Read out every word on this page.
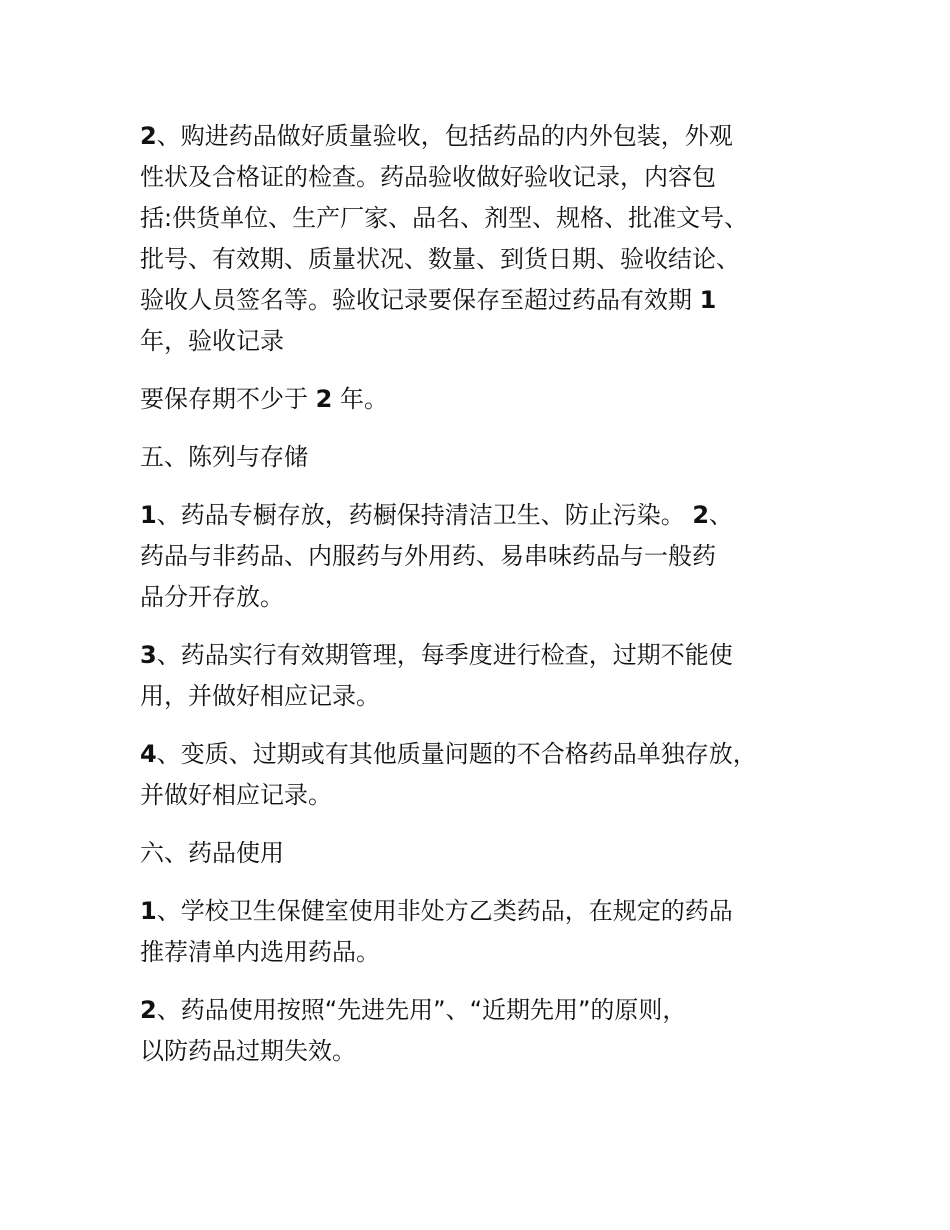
2、购进药品做好质量验收，包括药品的内外包装，外观

性状及合格证的检查。药品验收做好验收记录，内容包

括:供货单位、生产厂家、品名、剂型、规格、批准文号、

批号、有效期、质量状况、数量、到货日期、验收结论、

验收人员签名等。验收记录要保存至超过药品有效期 1

年，验收记录

要保存期不少于 2 年。

五、陈列与存储

1、药品专橱存放，药橱保持清洁卫生、防止污染。 2、

药品与非药品、内服药与外用药、易串味药品与一般药

品分开存放。

3、药品实行有效期管理，每季度进行检查，过期不能使

用，并做好相应记录。

4、变质、过期或有其他质量问题的不合格药品单独存放，

并做好相应记录。

六、药品使用

1、学校卫生保健室使用非处方乙类药品，在规定的药品

推荐清单内选用药品。

2、药品使用按照“先进先用”、“近期先用”的原则，

以防药品过期失效。
